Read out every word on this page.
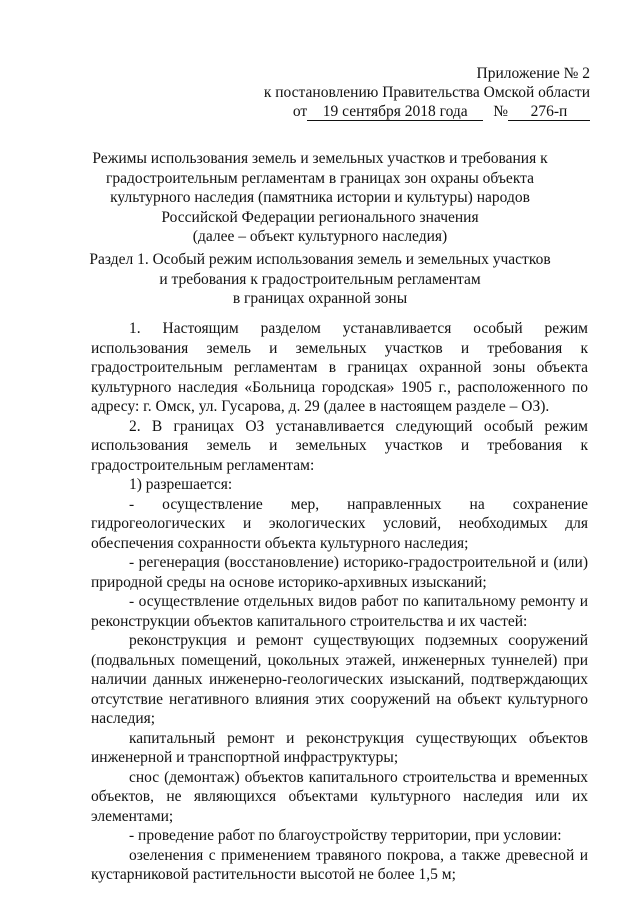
Приложение № 2
к постановлению Правительства Омской области
от 19 сентября 2018 года № 276-п
Режимы использования земель и земельных участков и требования к
градостроительным регламентам в границах зон охраны объекта
культурного наследия (памятника истории и культуры) народов
Российской Федерации регионального значения
(далее – объект культурного наследия)
Раздел 1. Особый режим использования земель и земельных участков
и требования к градостроительным регламентам
в границах охранной зоны

1. Настоящим разделом устанавливается особый режим использования земель и земельных участков и требования к градостроительным регламентам в границах охранной зоны объекта культурного наследия «Больница городская» 1905 г., расположенного по адресу: г. Омск, ул. Гусарова, д. 29 (далее в настоящем разделе – ОЗ).

2. В границах ОЗ устанавливается следующий особый режим использования земель и земельных участков и требования к градостроительным регламентам:

1) разрешается:

- осуществление мер, направленных на сохранение гидрогеологических и экологических условий, необходимых для обеспечения сохранности объекта культурного наследия;

- регенерация (восстановление) историко-градостроительной и (или) природной среды на основе историко-архивных изысканий;

- осуществление отдельных видов работ по капитальному ремонту и реконструкции объектов капитального строительства и их частей:

реконструкция и ремонт существующих подземных сооружений (подвальных помещений, цокольных этажей, инженерных туннелей) при наличии данных инженерно-геологических изысканий, подтверждающих отсутствие негативного влияния этих сооружений на объект культурного наследия;

капитальный ремонт и реконструкция существующих объектов инженерной и транспортной инфраструктуры;

снос (демонтаж) объектов капитального строительства и временных объектов, не являющихся объектами культурного наследия или их элементами;

- проведение работ по благоустройству территории, при условии:

озеленения с применением травяного покрова, а также древесной и кустарниковой растительности высотой не более 1,5 м;
